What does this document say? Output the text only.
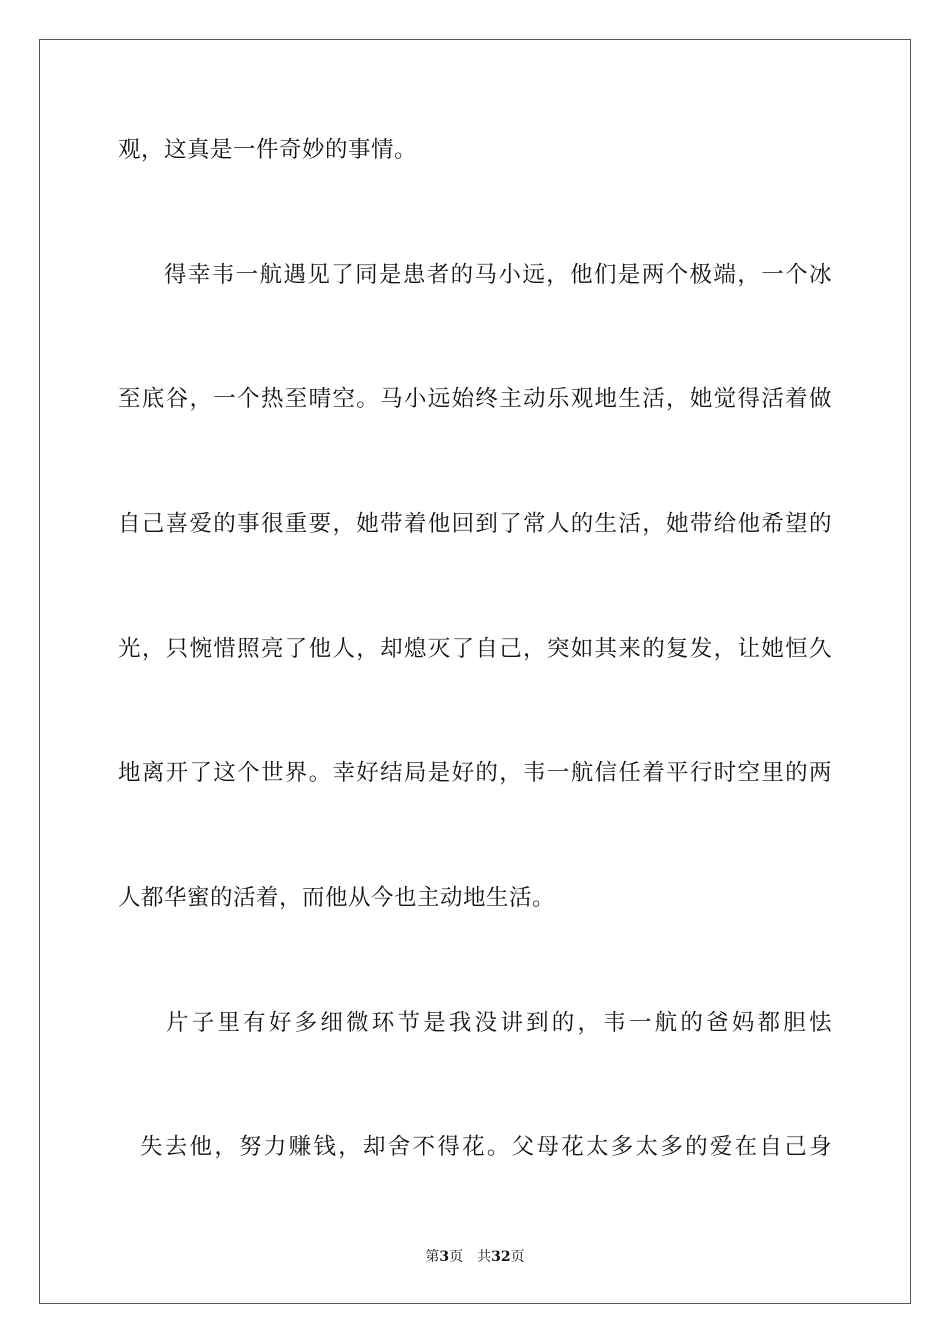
观，这真是一件奇妙的事情。
得幸韦一航遇见了同是患者的马小远，他们是两个极端，一个冰
至底谷，一个热至晴空。马小远始终主动乐观地生活，她觉得活着做
自己喜爱的事很重要，她带着他回到了常人的生活，她带给他希望的
光，只惋惜照亮了他人，却熄灭了自己，突如其来的复发，让她恒久
地离开了这个世界。幸好结局是好的，韦一航信任着平行时空里的两
人都华蜜的活着，而他从今也主动地生活。
片子里有好多细微环节是我没讲到的，韦一航的爸妈都胆怯
失去他，努力赚钱，却舍不得花。父母花太多太多的爱在自己身
第3页 共32页
